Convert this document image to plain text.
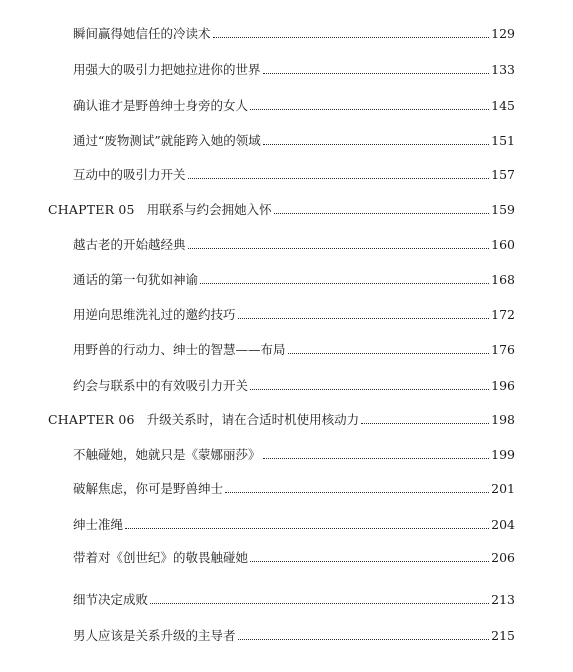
瞬间赢得她信任的冷读术	129
用强大的吸引力把她拉进你的世界	133
确认谁才是野兽绅士身旁的女人	145
通过“废物测试”就能跨入她的领域	151
互动中的吸引力开关	157
CHAPTER 05 用联系与约会拥她入怀	159
越古老的开始越经典	160
通话的第一句犹如神谕	168
用逆向思维洗礼过的邀约技巧	172
用野兽的行动力、绅士的智慧——布局	176
约会与联系中的有效吸引力开关	196
CHAPTER 06 升级关系时，请在合适时机使用核动力	198
不触碰她，她就只是《蒙娜丽莎》	199
破解焦虑，你可是野兽绅士	201
绅士准绳	204
带着对《创世纪》的敬畏触碰她	206
细节决定成败	213
男人应该是关系升级的主导者	215
